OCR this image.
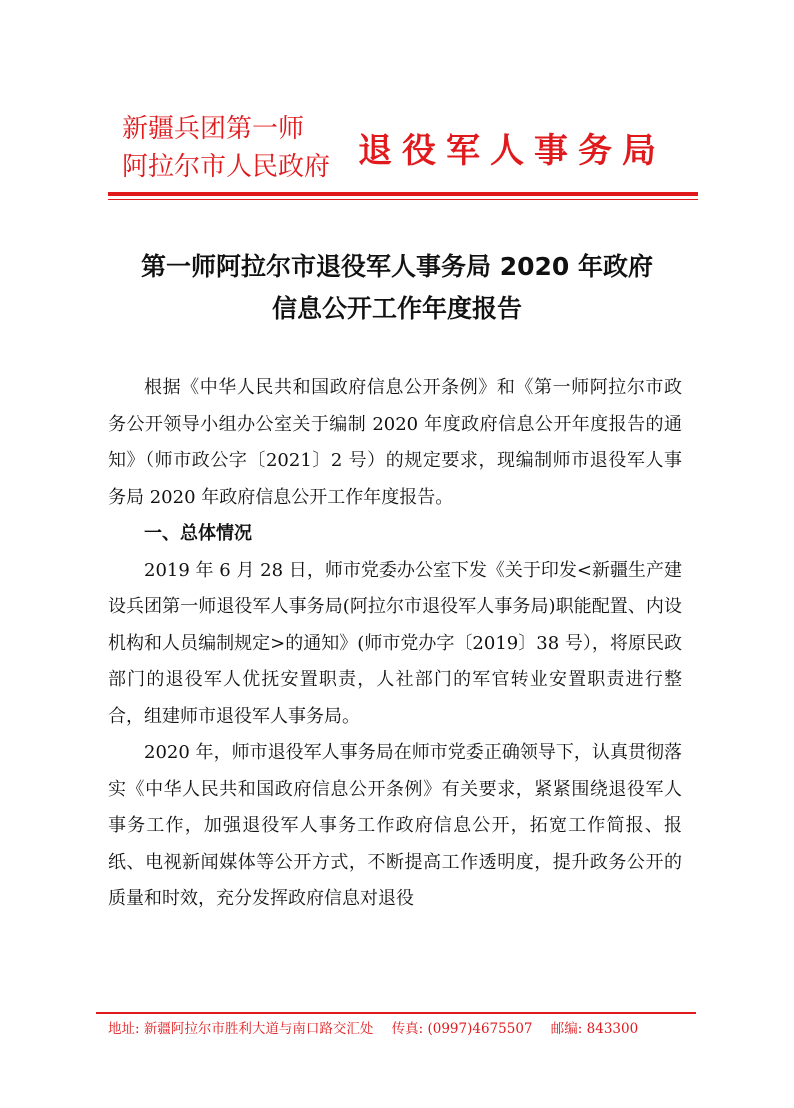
新疆兵团第一师
阿拉尔市人民政府 退役军人事务局
第一师阿拉尔市退役军人事务局 2020 年政府
信息公开工作年度报告

根据《中华人民共和国政府信息公开条例》和《第一师阿拉尔市政务公开领导小组办公室关于编制 2020 年度政府信息公开年度报告的通知》（师市政公字〔2021〕2 号）的规定要求，现编制师市退役军人事务局 2020 年政府信息公开工作年度报告。

一、总体情况

2019 年 6 月 28 日，师市党委办公室下发《关于印发<新疆生产建设兵团第一师退役军人事务局(阿拉尔市退役军人事务局)职能配置、内设机构和人员编制规定>的通知》(师市党办字〔2019〕38 号），将原民政部门的退役军人优抚安置职责，人社部门的军官转业安置职责进行整合，组建师市退役军人事务局。

2020 年，师市退役军人事务局在师市党委正确领导下，认真贯彻落实《中华人民共和国政府信息公开条例》有关要求，紧紧围绕退役军人事务工作，加强退役军人事务工作政府信息公开，拓宽工作简报、报纸、电视新闻媒体等公开方式，不断提高工作透明度，提升政务公开的质量和时效，充分发挥政府信息对退役

地址: 新疆阿拉尔市胜利大道与南口路交汇处 传真: (0997)4675507 邮编: 843300
